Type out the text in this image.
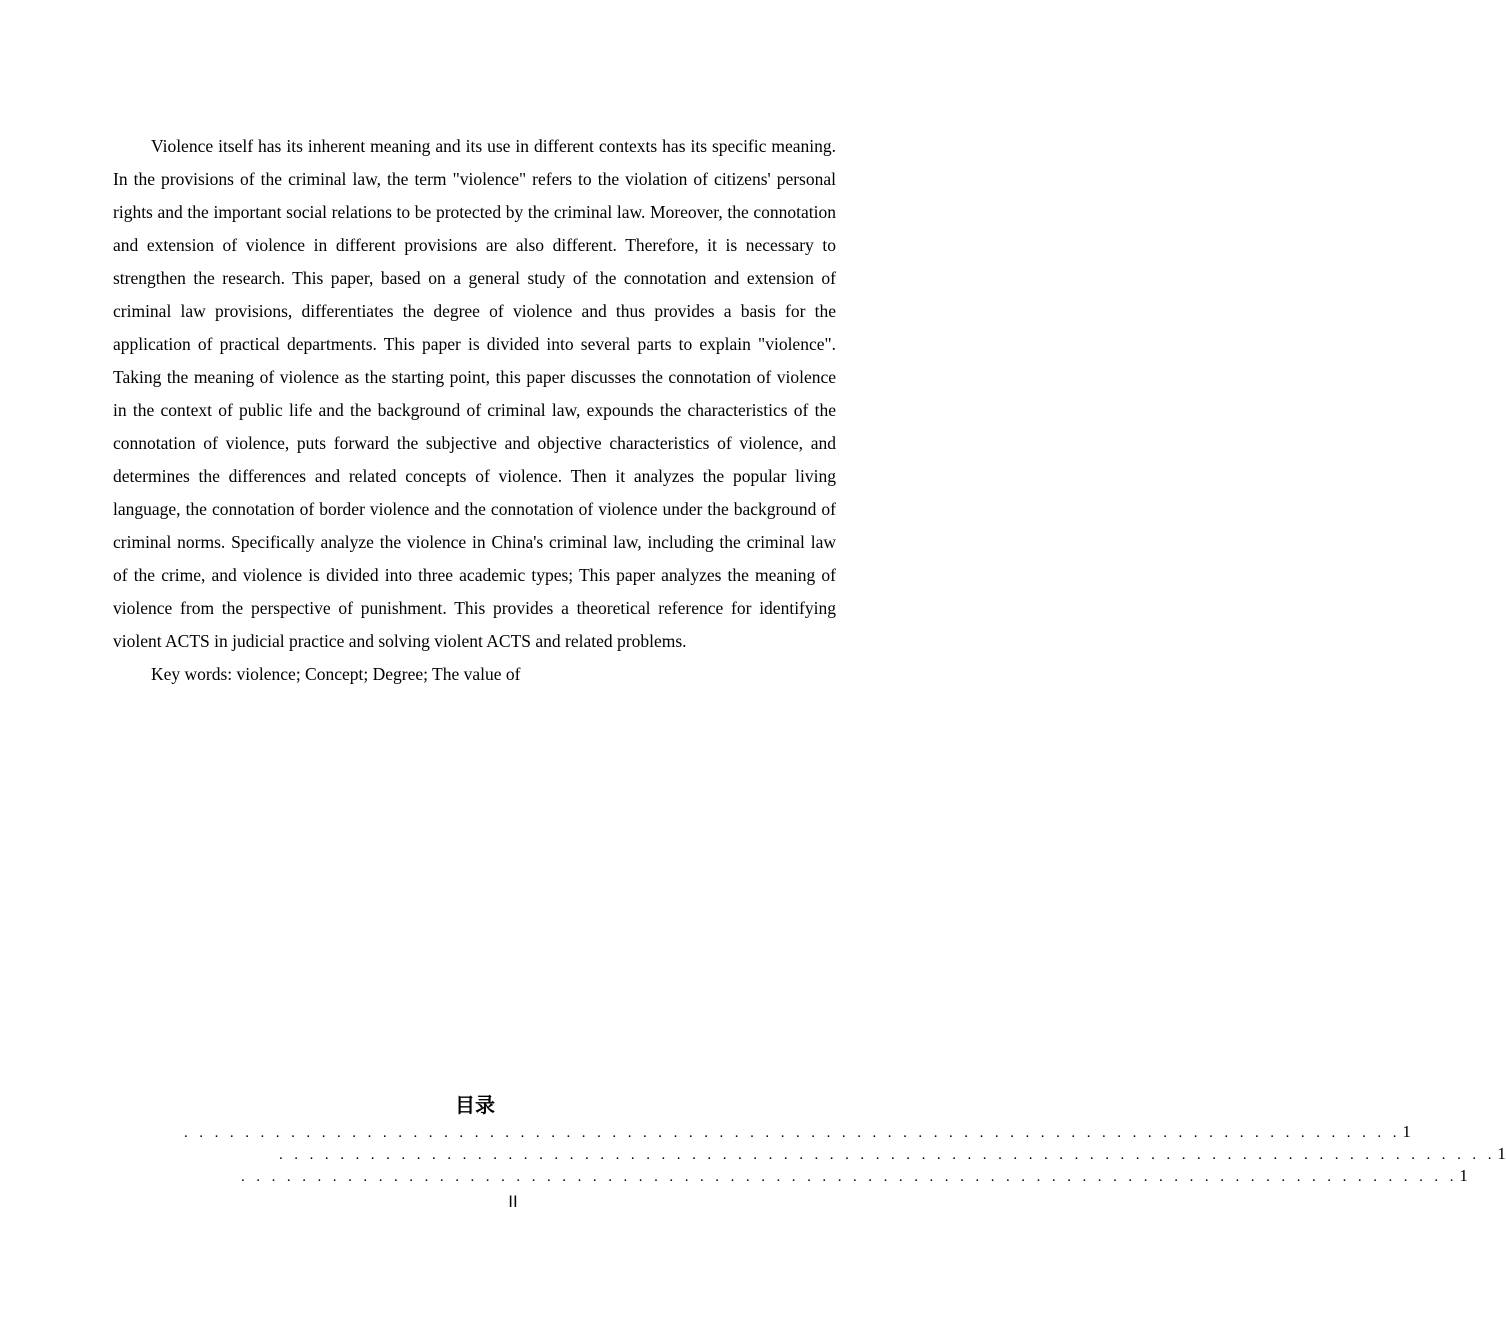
Violence itself has its inherent meaning and its use in different contexts has its specific meaning. In the provisions of the criminal law, the term "violence" refers to the violation of citizens' personal rights and the important social relations to be protected by the criminal law. Moreover, the connotation and extension of violence in different provisions are also different. Therefore, it is necessary to strengthen the research. This paper, based on a general study of the connotation and extension of criminal law provisions, differentiates the degree of violence and thus provides a basis for the application of practical departments. This paper is divided into several parts to explain "violence". Taking the meaning of violence as the starting point, this paper discusses the connotation of violence in the context of public life and the background of criminal law, expounds the characteristics of the connotation of violence, puts forward the subjective and objective characteristics of violence, and determines the differences and related concepts of violence. Then it analyzes the popular living language, the connotation of border violence and the connotation of violence under the background of criminal norms. Specifically analyze the violence in China's criminal law, including the criminal law of the crime, and violence is divided into three academic types; This paper analyzes the meaning of violence from the perspective of punishment. This provides a theoretical reference for identifying violent ACTS in judicial practice and solving violent ACTS and related problems.

Key words: violence; Concept; Degree; The value of

目录
. . . . . . . . . . . . . . . . . . . . . . . . . . . . . . . . . . . . . . . . . . . . . . . . . . . . . . . . . . . . . . . . . . . . . . . . . . . . . . . . 1
. . . . . . . . . . . . . . . . . . . . . . . . . . . . . . . . . . . . . . . . . . . . . . . . . . . . . . . . . . . . . . . . . . . . . . . . . . . . . . . . 1
. . . . . . . . . . . . . . . . . . . . . . . . . . . . . . . . . . . . . . . . . . . . . . . . . . . . . . . . . . . . . . . . . . . . . . . . . . . . . . . . 1
II
